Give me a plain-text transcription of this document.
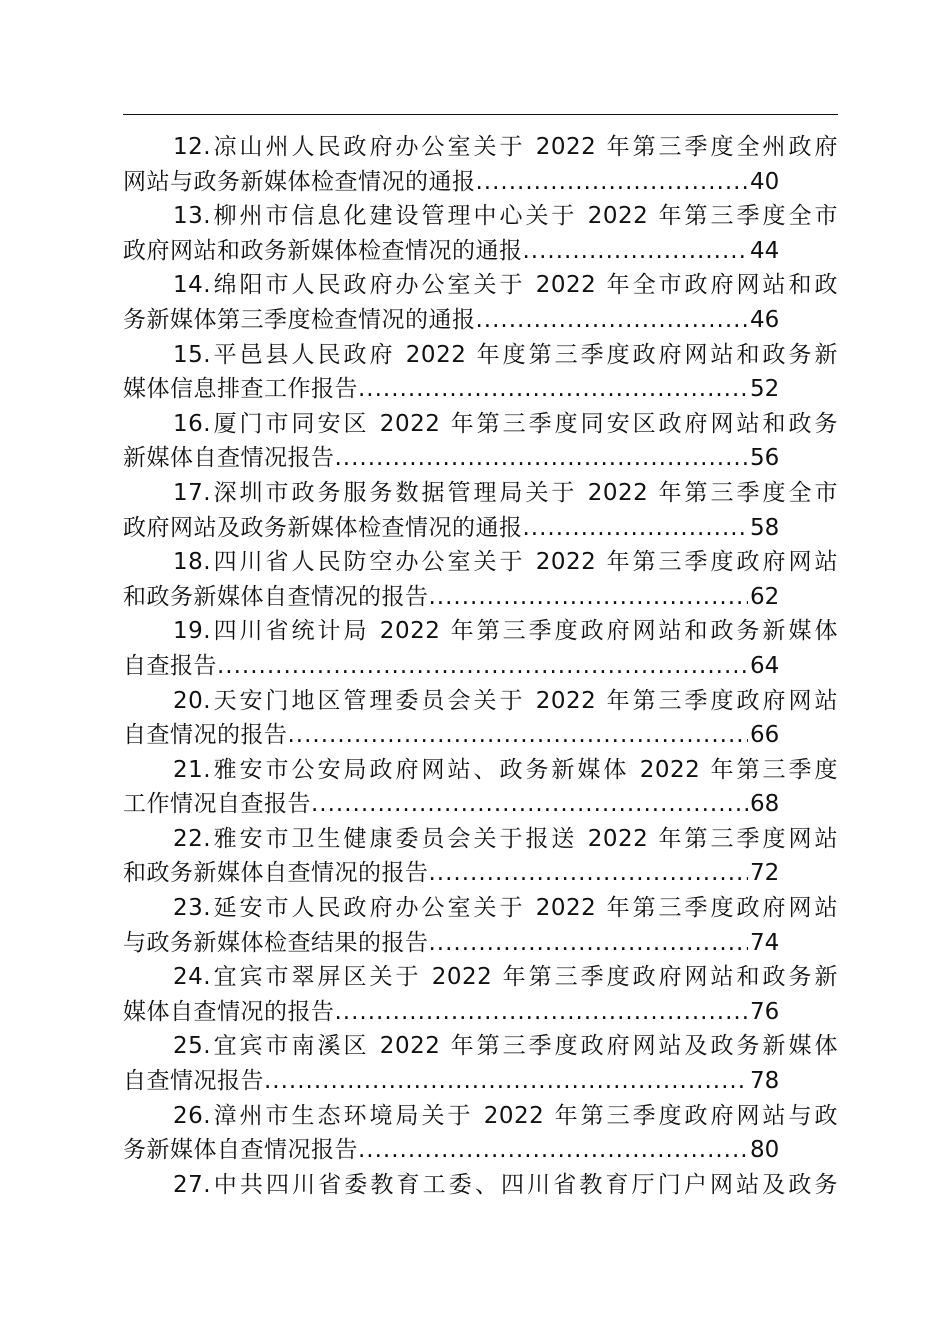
12.凉山州人民政府办公室关于 2022 年第三季度全州政府
网站与政务新媒体检查情况的通报 .....	40
13.柳州市信息化建设管理中心关于 2022 年第三季度全市
政府网站和政务新媒体检查情况的通报 .....	44
14.绵阳市人民政府办公室关于 2022 年全市政府网站和政
务新媒体第三季度检查情况的通报 .....	46
15.平邑县人民政府 2022 年度第三季度政府网站和政务新
媒体信息排查工作报告 .....	52
16.厦门市同安区 2022 年第三季度同安区政府网站和政务
新媒体自查情况报告 .....	56
17.深圳市政务服务数据管理局关于 2022 年第三季度全市
政府网站及政务新媒体检查情况的通报 .....	58
18.四川省人民防空办公室关于 2022 年第三季度政府网站
和政务新媒体自查情况的报告 .....	62
19.四川省统计局 2022 年第三季度政府网站和政务新媒体
自查报告 .....	64
20.天安门地区管理委员会关于 2022 年第三季度政府网站
自查情况的报告 .....	66
21.雅安市公安局政府网站、政务新媒体 2022 年第三季度
工作情况自查报告 .....	68
22.雅安市卫生健康委员会关于报送 2022 年第三季度网站
和政务新媒体自查情况的报告 .....	72
23.延安市人民政府办公室关于 2022 年第三季度政府网站
与政务新媒体检查结果的报告 .....	74
24.宜宾市翠屏区关于 2022 年第三季度政府网站和政务新
媒体自查情况的报告 .....	76
25.宜宾市南溪区 2022 年第三季度政府网站及政务新媒体
自查情况报告 .....	78
26.漳州市生态环境局关于 2022 年第三季度政府网站与政
务新媒体自查情况报告 .....	80
27.中共四川省委教育工委、四川省教育厅门户网站及政务
